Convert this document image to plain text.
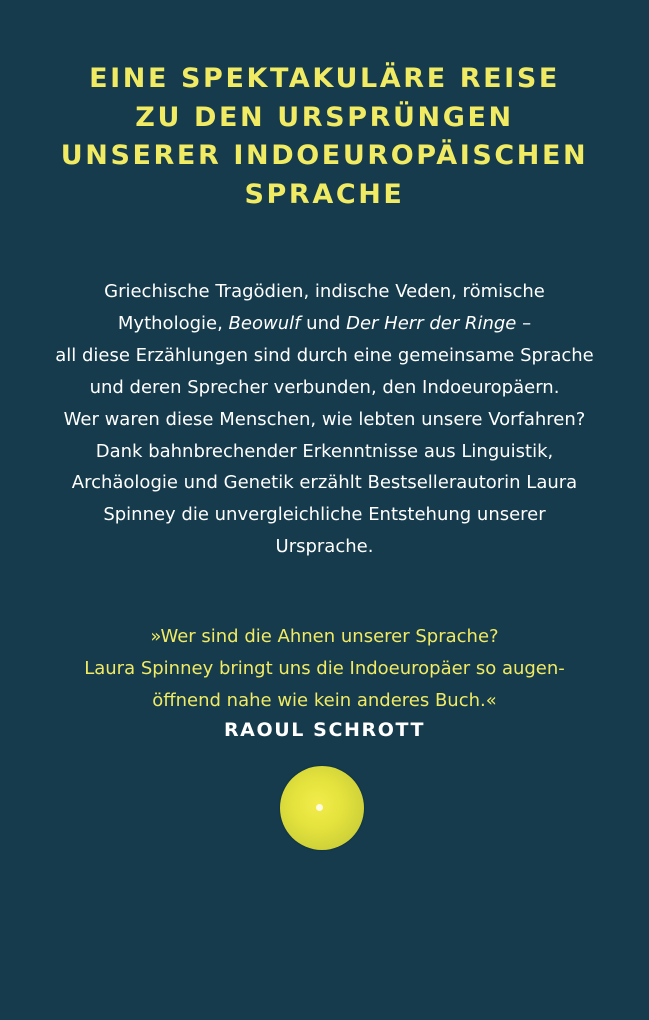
EINE SPEKTAKULÄRE REISE
ZU DEN URSPRÜNGEN
UNSERER INDOEUROPÄISCHEN
SPRACHE
Griechische Tragödien, indische Veden, römische
Mythologie, Beowulf und Der Herr der Ringe –
all diese Erzählungen sind durch eine gemeinsame Sprache
und deren Sprecher verbunden, den Indoeuropäern.
Wer waren diese Menschen, wie lebten unsere Vorfahren?
Dank bahnbrechender Erkenntnisse aus Linguistik,
Archäologie und Genetik erzählt Bestsellerautorin Laura
Spinney die unvergleichliche Entstehung unserer
Ursprache.
»Wer sind die Ahnen unserer Sprache?
Laura Spinney bringt uns die Indoeuropäer so augen-
öffnend nahe wie kein anderes Buch.«
RAOUL SCHROTT
